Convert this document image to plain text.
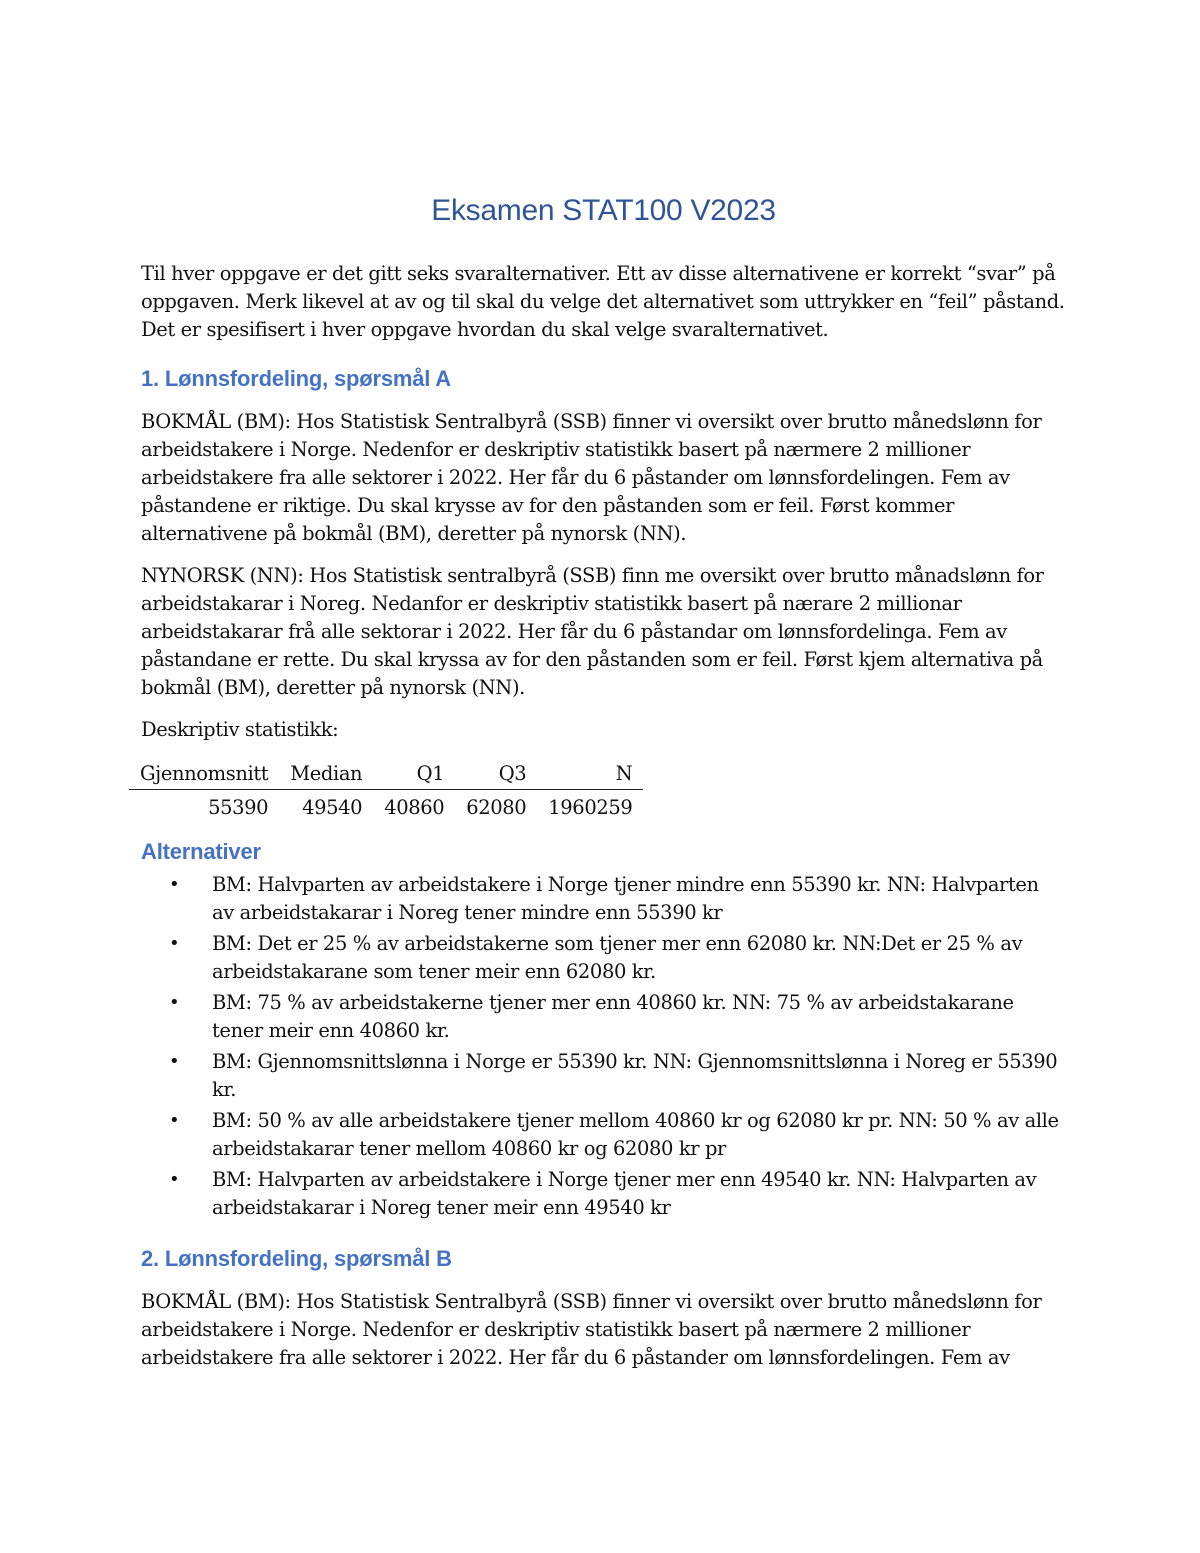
Eksamen STAT100 V2023

Til hver oppgave er det gitt seks svaralternativer. Ett av disse alternativene er korrekt “svar” på oppgaven. Merk likevel at av og til skal du velge det alternativet som uttrykker en “feil” påstand. Det er spesifisert i hver oppgave hvordan du skal velge svaralternativet.

1. Lønnsfordeling, spørsmål A

BOKMÅL (BM): Hos Statistisk Sentralbyrå (SSB) finner vi oversikt over brutto månedslønn for arbeidstakere i Norge. Nedenfor er deskriptiv statistikk basert på nærmere 2 millioner arbeidstakere fra alle sektorer i 2022. Her får du 6 påstander om lønnsfordelingen. Fem av påstandene er riktige. Du skal krysse av for den påstanden som er feil. Først kommer alternativene på bokmål (BM), deretter på nynorsk (NN).

NYNORSK (NN): Hos Statistisk sentralbyrå (SSB) finn me oversikt over brutto månadslønn for arbeidstakarar i Noreg. Nedanfor er deskriptiv statistikk basert på nærare 2 millionar arbeidstakarar frå alle sektorar i 2022. Her får du 6 påstandar om lønnsfordelinga. Fem av påstandane er rette. Du skal kryssa av for den påstanden som er feil. Først kjem alternativa på bokmål (BM), deretter på nynorsk (NN).

Deskriptiv statistikk:

Gjennomsnitt	Median	Q1	Q3	N
55390	49540	40860	62080	1960259
Alternativer
• BM: Halvparten av arbeidstakere i Norge tjener mindre enn 55390 kr. NN: Halvparten av arbeidstakarar i Noreg tener mindre enn 55390 kr
• BM: Det er 25 % av arbeidstakerne som tjener mer enn 62080 kr. NN:Det er 25 % av arbeidstakarane som tener meir enn 62080 kr.
• BM: 75 % av arbeidstakerne tjener mer enn 40860 kr. NN: 75 % av arbeidstakarane tener meir enn 40860 kr.
• BM: Gjennomsnittslønna i Norge er 55390 kr. NN: Gjennomsnittslønna i Noreg er 55390 kr.
• BM: 50 % av alle arbeidstakere tjener mellom 40860 kr og 62080 kr pr. NN: 50 % av alle arbeidstakarar tener mellom 40860 kr og 62080 kr pr
• BM: Halvparten av arbeidstakere i Norge tjener mer enn 49540 kr. NN: Halvparten av arbeidstakarar i Noreg tener meir enn 49540 kr
2. Lønnsfordeling, spørsmål B

BOKMÅL (BM): Hos Statistisk Sentralbyrå (SSB) finner vi oversikt over brutto månedslønn for arbeidstakere i Norge. Nedenfor er deskriptiv statistikk basert på nærmere 2 millioner arbeidstakere fra alle sektorer i 2022. Her får du 6 påstander om lønnsfordelingen. Fem av
